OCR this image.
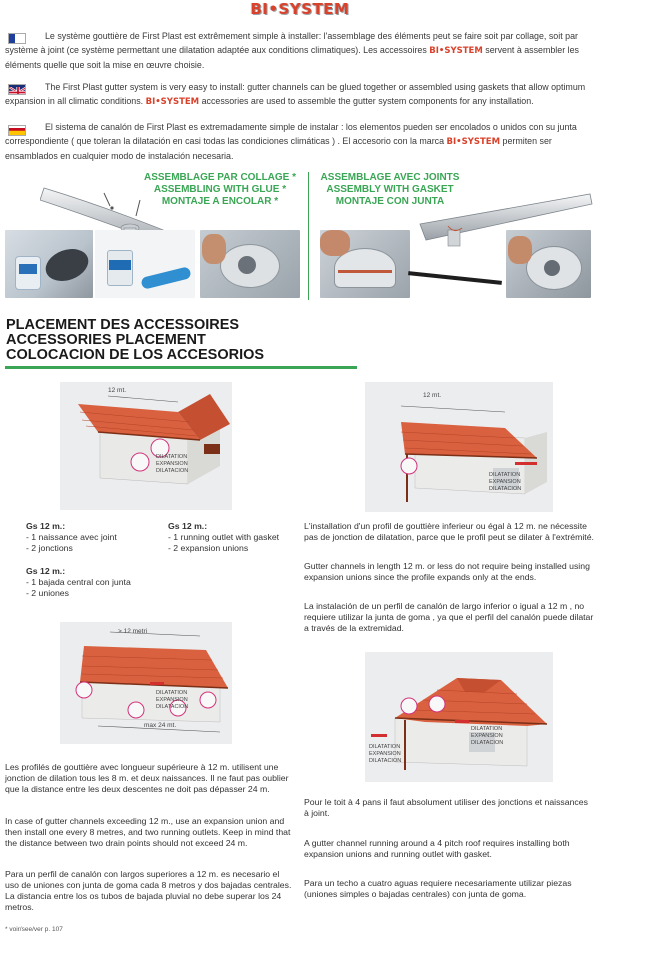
BI•SYSTEM
Le système gouttière de First Plast est extrêmement simple à installer: l'assemblage des éléments peut se faire soit par collage, soit par système à joint (ce système permettant une dilatation adaptée aux conditions climatiques). Les accessoires BI•SYSTEM servent à assembler les éléments quelle que soit la mise en œuvre choisie.
The First Plast gutter system is very easy to install: gutter channels can be glued together or assembled using gaskets that allow optimum expansion in all climatic conditions. BI•SYSTEM accessories are used to assemble the gutter system components for any installation.
El sistema de canalón de First Plast es extremadamente simple de instalar : los elementos pueden ser encolados o unidos con su junta correspondiente ( que toleran la dilatación en casi todas las condiciones climáticas ) . El accesorio con la marca BI•SYSTEM permiten ser ensamblados en cualquier modo de instalación necesaria.
ASSEMBLAGE PAR COLLAGE *
ASSEMBLING WITH GLUE *
MONTAJE A ENCOLAR *
ASSEMBLAGE AVEC JOINTS
ASSEMBLY WITH GASKET
MONTAJE CON JUNTA
PLACEMENT DES ACCESSOIRES
ACCESSORIES PLACEMENT
COLOCACION DE LOS ACCESORIOS
12 mt.
DILATATION
EXPANSION
DILATACION
12 mt.
DILATATION
EXPANSION
DILATACION
Gs 12 m.:
- 1 naissance avec joint
- 2 jonctions
Gs 12 m.:
- 1 running outlet with gasket
- 2 expansion unions
Gs 12 m.:
- 1 bajada central con junta
- 2 uniones
L'installation d'un profil de gouttière inferieur ou égal à 12 m. ne nécessite pas de jonction de dilatation, parce que le profil peut se dilater à l'extrémité.
Gutter channels in length 12 m. or less do not require being installed using expansion unions since the profile expands only at the ends.
La instalación de un perfil de canalón de largo inferior o igual a 12 m , no requiere utilizar la junta de goma , ya que el perfil del canalón puede dilatar a través de la extremidad.
> 12 metri
max 24 mt.
DILATATION
EXPANSION
DILATACION
DILATATION
EXPANSION
DILATACION
DILATATION
EXPANSION
DILATACION
Les profilés de gouttière avec longueur supérieure à 12 m. utilisent une jonction de dilation tous les 8 m. et deux naissances. Il ne faut pas oublier que la distance entre les deux descentes ne doit pas dépasser 24 m.
In case of gutter channels exceeding 12 m., use an expansion union and then install one every 8 metres, and two running outlets. Keep in mind that the distance between two drain points should not exceed 24 m.
Para un perfil de canalón con largos superiores a 12 m. es necesario el uso de uniones con junta de goma cada 8 metros y dos bajadas centrales. La distancia entre los os tubos de bajada pluvial no debe superar los 24 metros.
Pour le toit à 4 pans il faut absolument utiliser des jonctions et naissances à joint.
A gutter channel running around a 4 pitch roof requires installing both expansion unions and running outlet with gasket.
Para un techo a cuatro aguas requiere necesariamente utilizar piezas (uniones simples o bajadas centrales) con junta de goma.
* voir/see/ver p. 107
